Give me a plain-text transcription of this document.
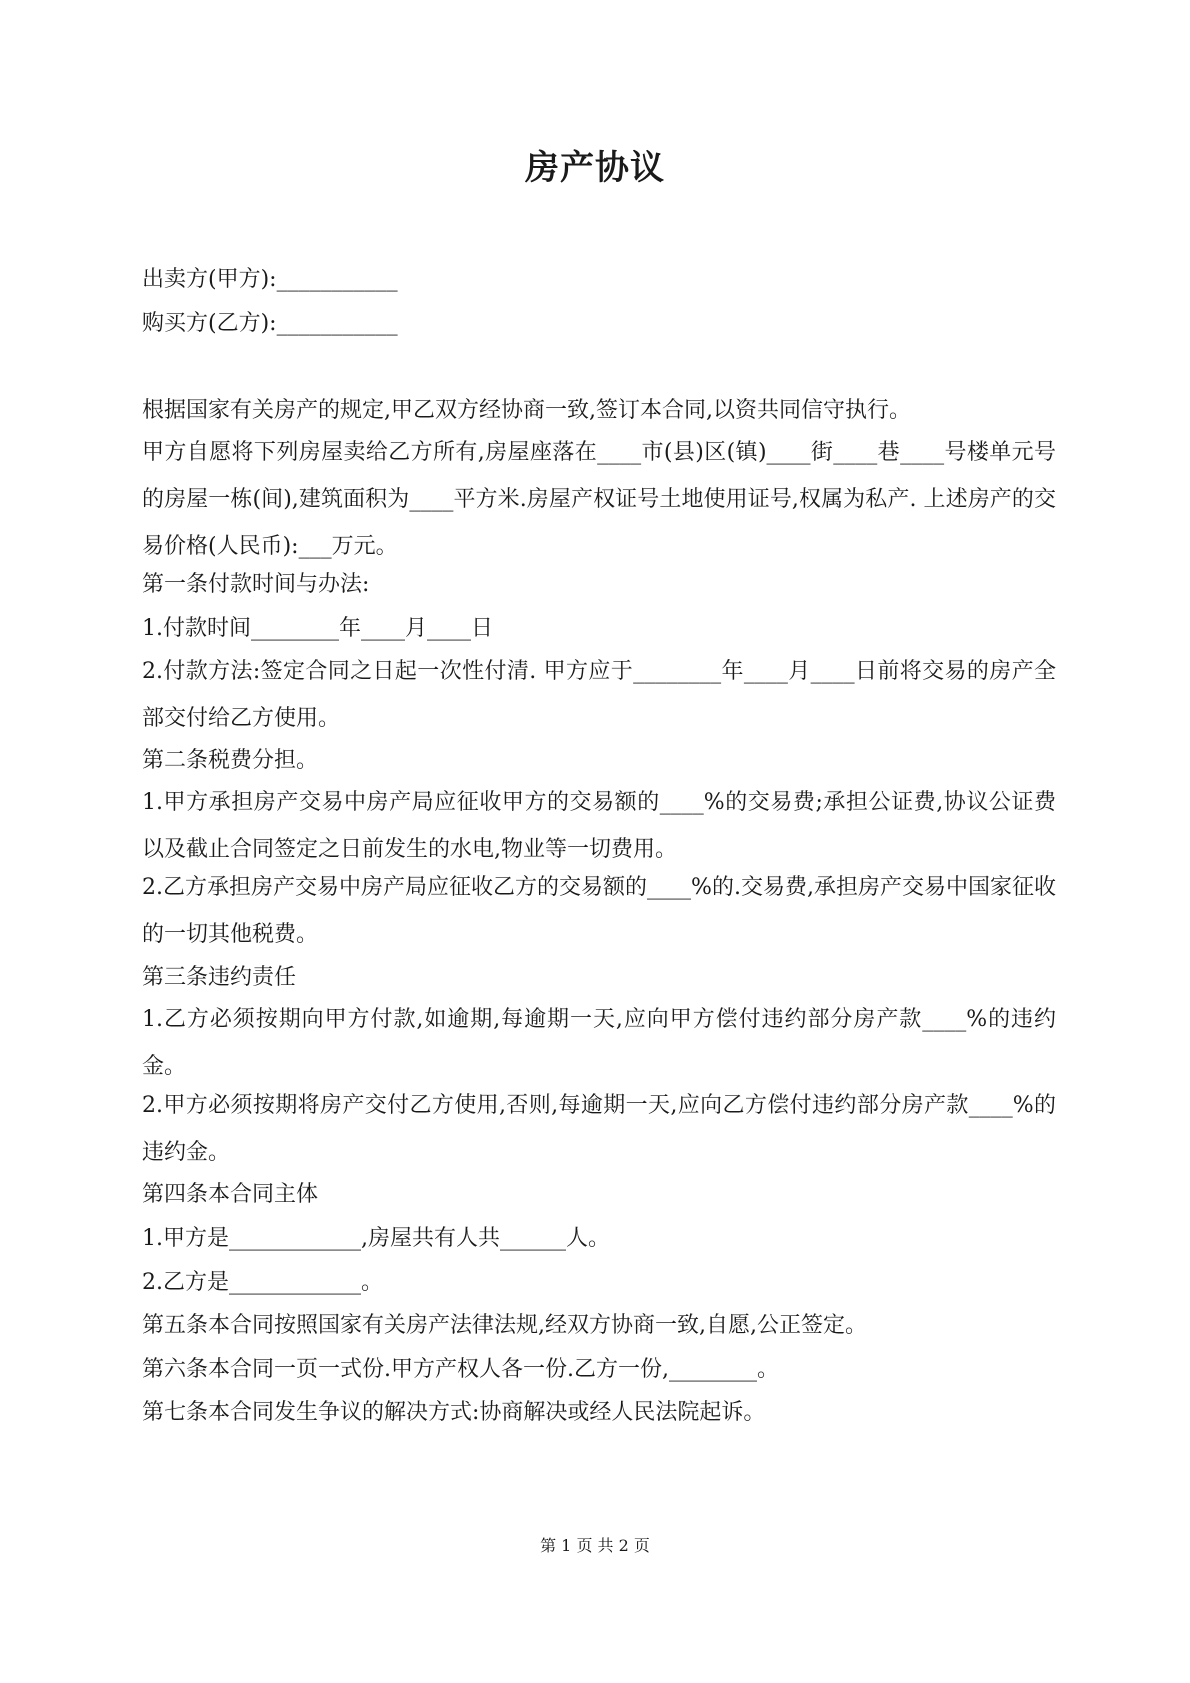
房产协议
出卖方(甲方):___________
购买方(乙方):___________
根据国家有关房产的规定,甲乙双方经协商一致,签订本合同,以资共同信守执行。
甲方自愿将下列房屋卖给乙方所有,房屋座落在____市(县)区(镇)____街____巷____号楼单元号的房屋一栋(间),建筑面积为____平方米.房屋产权证号土地使用证号,权属为私产. 上述房产的交易价格(人民币):___万元。
第一条付款时间与办法:
1.付款时间________年____月____日
2.付款方法:签定合同之日起一次性付清. 甲方应于________年____月____日前将交易的房产全部交付给乙方使用。
第二条税费分担。
1.甲方承担房产交易中房产局应征收甲方的交易额的____%的交易费;承担公证费,协议公证费以及截止合同签定之日前发生的水电,物业等一切费用。
2.乙方承担房产交易中房产局应征收乙方的交易额的____%的.交易费,承担房产交易中国家征收的一切其他税费。
第三条违约责任
1.乙方必须按期向甲方付款,如逾期,每逾期一天,应向甲方偿付违约部分房产款____%的违约金。
2.甲方必须按期将房产交付乙方使用,否则,每逾期一天,应向乙方偿付违约部分房产款____%的违约金。
第四条本合同主体
1.甲方是____________,房屋共有人共______人。
2.乙方是____________。
第五条本合同按照国家有关房产法律法规,经双方协商一致,自愿,公正签定。
第六条本合同一页一式份.甲方产权人各一份.乙方一份,________。
第七条本合同发生争议的解决方式:协商解决或经人民法院起诉。
第 1 页 共 2 页
